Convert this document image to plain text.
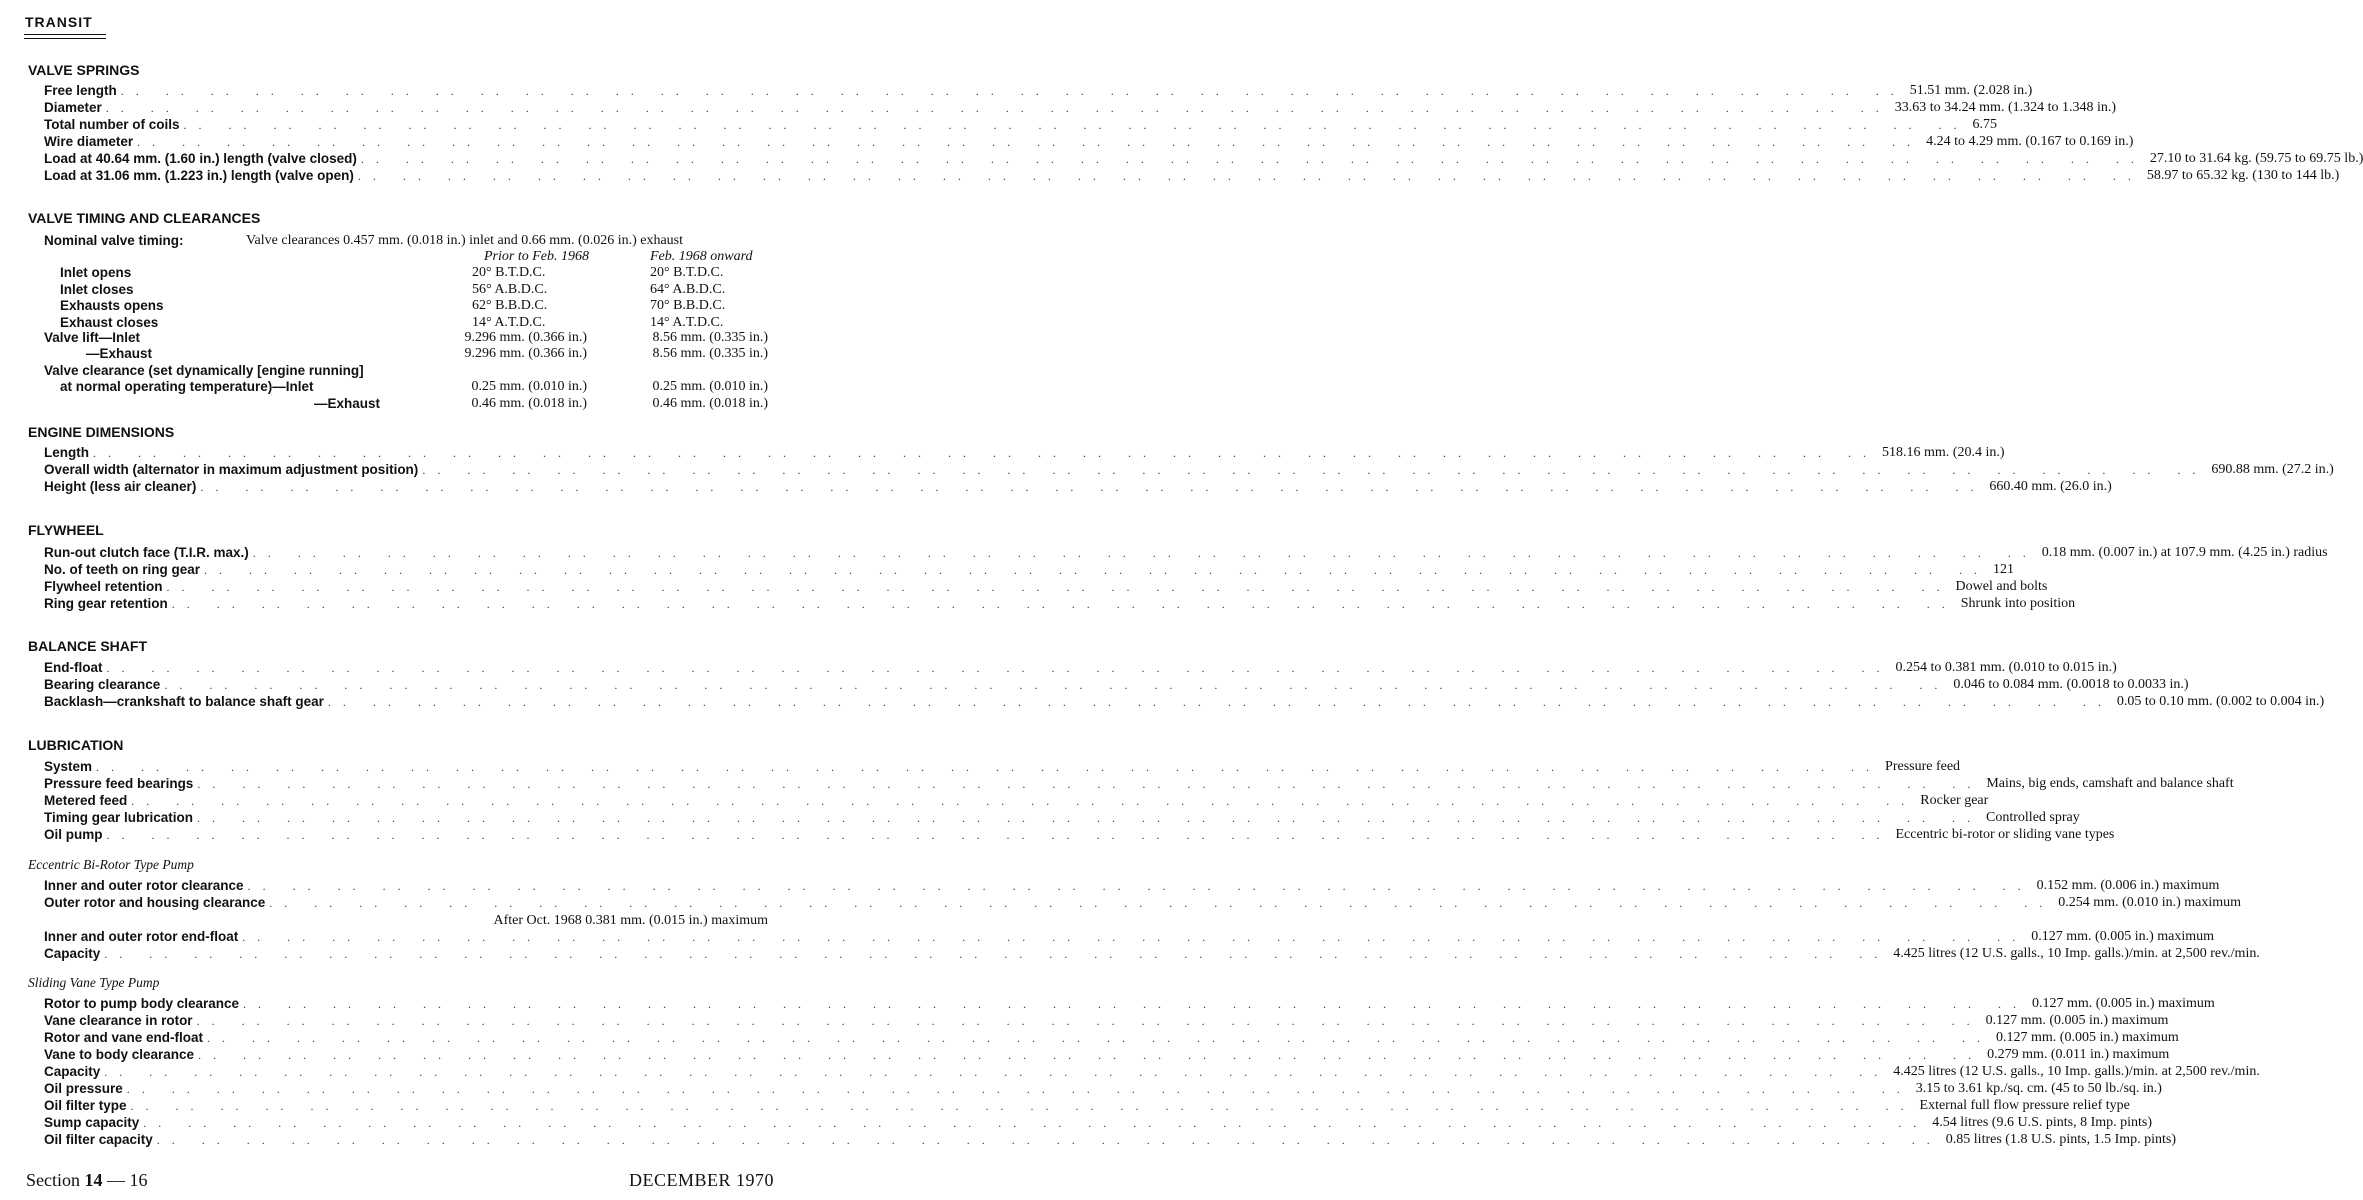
TRANSIT
VALVE SPRINGS
Free length .. .. .. .. .. .. .. .. .. .. .. .. .. .. .. .. .. .. .. .. .. .. .. .. .. .. .. .. .. .. .. .. .. .. .. .. .. .. .. .. 51.51 mm. (2.028 in.)
Diameter .. .. .. .. .. .. .. .. .. .. .. .. .. .. .. .. .. .. .. .. .. .. .. .. .. .. .. .. .. .. .. .. .. .. .. .. .. .. .. .. 33.63 to 34.24 mm. (1.324 to 1.348 in.)
Total number of coils .. .. .. .. .. .. .. .. .. .. .. .. .. .. .. .. .. .. .. .. .. .. .. .. .. .. .. .. .. .. .. .. .. .. .. .. .. .. .. .. 6.75
Wire diameter .. .. .. .. .. .. .. .. .. .. .. .. .. .. .. .. .. .. .. .. .. .. .. .. .. .. .. .. .. .. .. .. .. .. .. .. .. .. .. .. 4.24 to 4.29 mm. (0.167 to 0.169 in.)
Load at 40.64 mm. (1.60 in.) length (valve closed) .. .. .. .. .. .. .. .. .. .. .. .. .. .. .. .. .. .. .. .. .. .. .. .. .. .. .. .. .. .. .. .. .. .. .. .. .. .. .. .. 27.10 to 31.64 kg. (59.75 to 69.75 lb.)
Load at 31.06 mm. (1.223 in.) length (valve open) .. .. .. .. .. .. .. .. .. .. .. .. .. .. .. .. .. .. .. .. .. .. .. .. .. .. .. .. .. .. .. .. .. .. .. .. .. .. .. .. 58.97 to 65.32 kg. (130 to 144 lb.)
VALVE TIMING AND CLEARANCES
Nominal valve timing:	Valve clearances 0.457 mm. (0.018 in.) inlet and 0.66 mm. (0.026 in.) exhaust
Prior to Feb. 1968	Feb. 1968 onward
Inlet opens	20° B.T.D.C.	20° B.T.D.C.
Inlet closes	56° A.B.D.C.	64° A.B.D.C.
Exhausts opens	62° B.B.D.C.	70° B.B.D.C.
Exhaust closes	14° A.T.D.C.	14° A.T.D.C.
Valve lift—Inlet	9.296 mm. (0.366 in.)	8.56 mm. (0.335 in.)
—Exhaust	9.296 mm. (0.366 in.)	8.56 mm. (0.335 in.)
Valve clearance (set dynamically [engine running]
at normal operating temperature)—Inlet	0.25 mm. (0.010 in.)	0.25 mm. (0.010 in.)
—Exhaust	0.46 mm. (0.018 in.)	0.46 mm. (0.018 in.)
ENGINE DIMENSIONS
Length .. .. .. .. .. .. .. .. .. .. .. .. .. .. .. .. .. .. .. .. .. .. .. .. .. .. .. .. .. .. .. .. .. .. .. .. .. .. .. .. 518.16 mm. (20.4 in.)
Overall width (alternator in maximum adjustment position) .. .. .. .. .. .. .. .. .. .. .. .. .. .. .. .. .. .. .. .. .. .. .. .. .. .. .. .. .. .. .. .. .. .. .. .. .. .. .. .. 690.88 mm. (27.2 in.)
Height (less air cleaner) .. .. .. .. .. .. .. .. .. .. .. .. .. .. .. .. .. .. .. .. .. .. .. .. .. .. .. .. .. .. .. .. .. .. .. .. .. .. .. .. 660.40 mm. (26.0 in.)
FLYWHEEL
Run-out clutch face (T.I.R. max.) .. .. .. .. .. .. .. .. .. .. .. .. .. .. .. .. .. .. .. .. .. .. .. .. .. .. .. .. .. .. .. .. .. .. .. .. .. .. .. .. 0.18 mm. (0.007 in.) at 107.9 mm. (4.25 in.) radius
No. of teeth on ring gear .. .. .. .. .. .. .. .. .. .. .. .. .. .. .. .. .. .. .. .. .. .. .. .. .. .. .. .. .. .. .. .. .. .. .. .. .. .. .. .. 121
Flywheel retention .. .. .. .. .. .. .. .. .. .. .. .. .. .. .. .. .. .. .. .. .. .. .. .. .. .. .. .. .. .. .. .. .. .. .. .. .. .. .. .. Dowel and bolts
Ring gear retention .. .. .. .. .. .. .. .. .. .. .. .. .. .. .. .. .. .. .. .. .. .. .. .. .. .. .. .. .. .. .. .. .. .. .. .. .. .. .. .. Shrunk into position
BALANCE SHAFT
End-float .. .. .. .. .. .. .. .. .. .. .. .. .. .. .. .. .. .. .. .. .. .. .. .. .. .. .. .. .. .. .. .. .. .. .. .. .. .. .. .. 0.254 to 0.381 mm. (0.010 to 0.015 in.)
Bearing clearance .. .. .. .. .. .. .. .. .. .. .. .. .. .. .. .. .. .. .. .. .. .. .. .. .. .. .. .. .. .. .. .. .. .. .. .. .. .. .. .. 0.046 to 0.084 mm. (0.0018 to 0.0033 in.)
Backlash—crankshaft to balance shaft gear .. .. .. .. .. .. .. .. .. .. .. .. .. .. .. .. .. .. .. .. .. .. .. .. .. .. .. .. .. .. .. .. .. .. .. .. .. .. .. .. 0.05 to 0.10 mm. (0.002 to 0.004 in.)
LUBRICATION
System .. .. .. .. .. .. .. .. .. .. .. .. .. .. .. .. .. .. .. .. .. .. .. .. .. .. .. .. .. .. .. .. .. .. .. .. .. .. .. .. Pressure feed
Pressure feed bearings .. .. .. .. .. .. .. .. .. .. .. .. .. .. .. .. .. .. .. .. .. .. .. .. .. .. .. .. .. .. .. .. .. .. .. .. .. .. .. .. Mains, big ends, camshaft and balance shaft
Metered feed .. .. .. .. .. .. .. .. .. .. .. .. .. .. .. .. .. .. .. .. .. .. .. .. .. .. .. .. .. .. .. .. .. .. .. .. .. .. .. .. Rocker gear
Timing gear lubrication .. .. .. .. .. .. .. .. .. .. .. .. .. .. .. .. .. .. .. .. .. .. .. .. .. .. .. .. .. .. .. .. .. .. .. .. .. .. .. .. Controlled spray
Oil pump .. .. .. .. .. .. .. .. .. .. .. .. .. .. .. .. .. .. .. .. .. .. .. .. .. .. .. .. .. .. .. .. .. .. .. .. .. .. .. .. Eccentric bi-rotor or sliding vane types
Eccentric Bi-Rotor Type Pump
Inner and outer rotor clearance .. .. .. .. .. .. .. .. .. .. .. .. .. .. .. .. .. .. .. .. .. .. .. .. .. .. .. .. .. .. .. .. .. .. .. .. .. .. .. .. 0.152 mm. (0.006 in.) maximum
Outer rotor and housing clearance .. .. .. .. .. .. .. .. .. .. .. .. .. .. .. .. .. .. .. .. .. .. .. .. .. .. .. .. .. .. .. .. .. .. .. .. .. .. .. .. 0.254 mm. (0.010 in.) maximum
After Oct. 1968 0.381 mm. (0.015 in.) maximum
Inner and outer rotor end-float .. .. .. .. .. .. .. .. .. .. .. .. .. .. .. .. .. .. .. .. .. .. .. .. .. .. .. .. .. .. .. .. .. .. .. .. .. .. .. .. 0.127 mm. (0.005 in.) maximum
Capacity .. .. .. .. .. .. .. .. .. .. .. .. .. .. .. .. .. .. .. .. .. .. .. .. .. .. .. .. .. .. .. .. .. .. .. .. .. .. .. .. 4.425 litres (12 U.S. galls., 10 Imp. galls.)/min. at 2,500 rev./min.
Sliding Vane Type Pump
Rotor to pump body clearance .. .. .. .. .. .. .. .. .. .. .. .. .. .. .. .. .. .. .. .. .. .. .. .. .. .. .. .. .. .. .. .. .. .. .. .. .. .. .. .. 0.127 mm. (0.005 in.) maximum
Vane clearance in rotor .. .. .. .. .. .. .. .. .. .. .. .. .. .. .. .. .. .. .. .. .. .. .. .. .. .. .. .. .. .. .. .. .. .. .. .. .. .. .. .. 0.127 mm. (0.005 in.) maximum
Rotor and vane end-float .. .. .. .. .. .. .. .. .. .. .. .. .. .. .. .. .. .. .. .. .. .. .. .. .. .. .. .. .. .. .. .. .. .. .. .. .. .. .. .. 0.127 mm. (0.005 in.) maximum
Vane to body clearance .. .. .. .. .. .. .. .. .. .. .. .. .. .. .. .. .. .. .. .. .. .. .. .. .. .. .. .. .. .. .. .. .. .. .. .. .. .. .. .. 0.279 mm. (0.011 in.) maximum
Capacity .. .. .. .. .. .. .. .. .. .. .. .. .. .. .. .. .. .. .. .. .. .. .. .. .. .. .. .. .. .. .. .. .. .. .. .. .. .. .. .. 4.425 litres (12 U.S. galls., 10 Imp. galls.)/min. at 2,500 rev./min.
Oil pressure .. .. .. .. .. .. .. .. .. .. .. .. .. .. .. .. .. .. .. .. .. .. .. .. .. .. .. .. .. .. .. .. .. .. .. .. .. .. .. .. 3.15 to 3.61 kp./sq. cm. (45 to 50 lb./sq. in.)
Oil filter type .. .. .. .. .. .. .. .. .. .. .. .. .. .. .. .. .. .. .. .. .. .. .. .. .. .. .. .. .. .. .. .. .. .. .. .. .. .. .. .. External full flow pressure relief type
Sump capacity .. .. .. .. .. .. .. .. .. .. .. .. .. .. .. .. .. .. .. .. .. .. .. .. .. .. .. .. .. .. .. .. .. .. .. .. .. .. .. .. 4.54 litres (9.6 U.S. pints, 8 Imp. pints)
Oil filter capacity .. .. .. .. .. .. .. .. .. .. .. .. .. .. .. .. .. .. .. .. .. .. .. .. .. .. .. .. .. .. .. .. .. .. .. .. .. .. .. .. 0.85 litres (1.8 U.S. pints, 1.5 Imp. pints)
Section 14 — 16	DECEMBER 1970
